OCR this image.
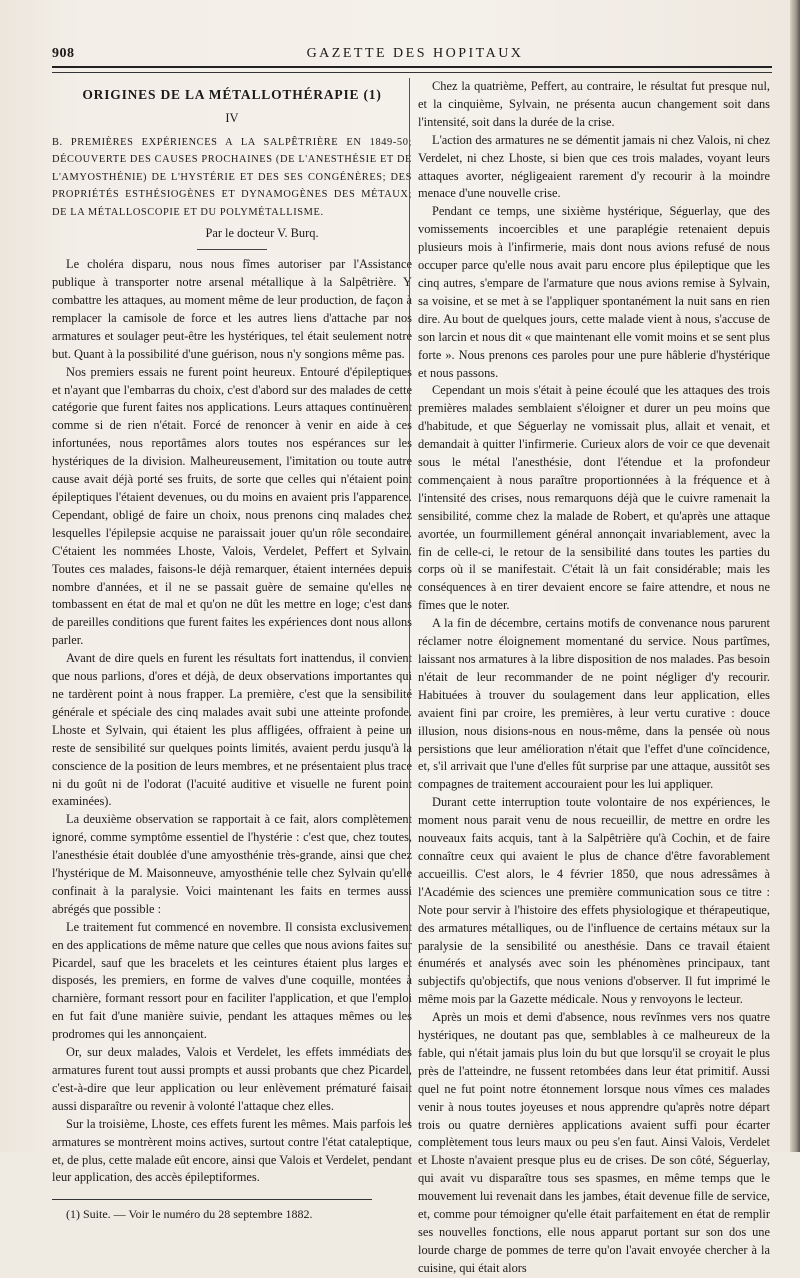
908	GAZETTE DES HOPITAUX
ORIGINES DE LA MÉTALLOTHÉRAPIE (1)
IV

B. PREMIÈRES EXPÉRIENCES A LA SALPÊTRIÈRE EN 1849-50; DÉCOUVERTE DES CAUSES PROCHAINES (DE L'ANESTHÉSIE ET DE L'AMYOSTHÉNIE) DE L'HYSTÉRIE ET DES SES CONGÉNÈRES; DES PROPRIÉTÉS ESTHÉSIOGÈNES ET DYNAMOGÈNES DES MÉTAUX; DE LA MÉTALLOSCOPIE ET DU POLYMÉTALLISME.

Par le docteur V. Burq.

Le choléra disparu, nous nous fîmes autoriser par l'Assistance publique à transporter notre arsenal métallique à la Salpêtrière. Y combattre les attaques, au moment même de leur production, de façon à remplacer la camisole de force et les autres liens d'attache par nos armatures et soulager peut-être les hystériques, tel était seulement notre but. Quant à la possibilité d'une guérison, nous n'y songions même pas.

Nos premiers essais ne furent point heureux. Entouré d'épileptiques et n'ayant que l'embarras du choix, c'est d'abord sur des malades de cette catégorie que furent faites nos applications. Leurs attaques continuèrent comme si de rien n'était. Forcé de renoncer à venir en aide à ces infortunées, nous reportâmes alors toutes nos espérances sur les hystériques de la division. Malheureusement, l'imitation ou toute autre cause avait déjà porté ses fruits, de sorte que celles qui n'étaient point épileptiques l'étaient devenues, ou du moins en avaient pris l'apparence. Cependant, obligé de faire un choix, nous prenons cinq malades chez lesquelles l'épilepsie acquise ne paraissait jouer qu'un rôle secondaire. C'étaient les nommées Lhoste, Valois, Verdelet, Peffert et Sylvain. Toutes ces malades, faisons-le déjà remarquer, étaient internées depuis nombre d'années, et il ne se passait guère de semaine qu'elles ne tombassent en état de mal et qu'on ne dût les mettre en loge; c'est dans de pareilles conditions que furent faites les expériences dont nous allons parler.

Avant de dire quels en furent les résultats fort inattendus, il convient que nous parlions, d'ores et déjà, de deux observations importantes qui ne tardèrent point à nous frapper. La première, c'est que la sensibilité générale et spéciale des cinq malades avait subi une atteinte profonde. Lhoste et Sylvain, qui étaient les plus affligées, offraient à peine un reste de sensibilité sur quelques points limités, avaient perdu jusqu'à la conscience de la position de leurs membres, et ne présentaient plus trace ni du goût ni de l'odorat (l'acuité auditive et visuelle ne furent point examinées).

La deuxième observation se rapportait à ce fait, alors complètement ignoré, comme symptôme essentiel de l'hystérie : c'est que, chez toutes, l'anesthésie était doublée d'une amyosthénie très-grande, ainsi que chez l'hystérique de M. Maisonneuve, amyosthénie telle chez Sylvain qu'elle confinait à la paralysie. Voici maintenant les faits en termes aussi abrégés que possible :

Le traitement fut commencé en novembre. Il consista exclusivement en des applications de même nature que celles que nous avions faites sur Picardel, sauf que les bracelets et les ceintures étaient plus larges et disposés, les premiers, en forme de valves d'une coquille, montées à charnière, formant ressort pour en faciliter l'application, et que l'emploi en fut fait d'une manière suivie, pendant les attaques mêmes ou les prodromes qui les annonçaient.

Or, sur deux malades, Valois et Verdelet, les effets immédiats des armatures furent tout aussi prompts et aussi probants que chez Picardel, c'est-à-dire que leur application ou leur enlèvement prématuré faisait aussi disparaître ou revenir à volonté l'attaque chez elles.

Sur la troisième, Lhoste, ces effets furent les mêmes. Mais parfois les armatures se montrèrent moins actives, surtout contre l'état cataleptique, et, de plus, cette malade eût encore, ainsi que Valois et Verdelet, pendant leur application, des accès épileptiformes.

(1) Suite. — Voir le numéro du 28 septembre 1882.

Chez la quatrième, Peffert, au contraire, le résultat fut presque nul, et la cinquième, Sylvain, ne présenta aucun changement soit dans l'intensité, soit dans la durée de la crise.

L'action des armatures ne se démentit jamais ni chez Valois, ni chez Verdelet, ni chez Lhoste, si bien que ces trois malades, voyant leurs attaques avorter, négligeaient rarement d'y recourir à la moindre menace d'une nouvelle crise.

Pendant ce temps, une sixième hystérique, Séguerlay, que des vomissements incoercibles et une paraplégie retenaient depuis plusieurs mois à l'infirmerie, mais dont nous avions refusé de nous occuper parce qu'elle nous avait paru encore plus épileptique que les cinq autres, s'empare de l'armature que nous avions remise à Sylvain, sa voisine, et se met à se l'appliquer spontanément la nuit sans en rien dire. Au bout de quelques jours, cette malade vient à nous, s'accuse de son larcin et nous dit « que maintenant elle vomit moins et se sent plus forte ». Nous prenons ces paroles pour une pure hâblerie d'hystérique et nous passons.

Cependant un mois s'était à peine écoulé que les attaques des trois premières malades semblaient s'éloigner et durer un peu moins que d'habitude, et que Séguerlay ne vomissait plus, allait et venait, et demandait à quitter l'infirmerie. Curieux alors de voir ce que devenait sous le métal l'anesthésie, dont l'étendue et la profondeur commençaient à nous paraître proportionnées à la fréquence et à l'intensité des crises, nous remarquons déjà que le cuivre ramenait la sensibilité, comme chez la malade de Robert, et qu'après une attaque avortée, un fourmillement général annonçait invariablement, avec la fin de celle-ci, le retour de la sensibilité dans toutes les parties du corps où il se manifestait. C'était là un fait considérable; mais les conséquences à en tirer devaient encore se faire attendre, et nous ne fîmes que le noter.

A la fin de décembre, certains motifs de convenance nous parurent réclamer notre éloignement momentané du service. Nous partîmes, laissant nos armatures à la libre disposition de nos malades. Pas besoin n'était de leur recommander de ne point négliger d'y recourir. Habituées à trouver du soulagement dans leur application, elles avaient fini par croire, les premières, à leur vertu curative : douce illusion, nous disions-nous en nous-même, dans la pensée où nous persistions que leur amélioration n'était que l'effet d'une coïncidence, et, s'il arrivait que l'une d'elles fût surprise par une attaque, aussitôt ses compagnes de traitement accouraient pour les lui appliquer.

Durant cette interruption toute volontaire de nos expériences, le moment nous parait venu de nous recueillir, de mettre en ordre les nouveaux faits acquis, tant à la Salpêtrière qu'à Cochin, et de faire connaître ceux qui avaient le plus de chance d'être favorablement accueillis. C'est alors, le 4 février 1850, que nous adressâmes à l'Académie des sciences une première communication sous ce titre : Note pour servir à l'histoire des effets physiologique et thérapeutique, des armatures métalliques, ou de l'influence de certains métaux sur la paralysie de la sensibilité ou anesthésie. Dans ce travail étaient énumérés et analysés avec soin les phénomènes principaux, tant subjectifs qu'objectifs, que nous venions d'observer. Il fut imprimé le même mois par la Gazette médicale. Nous y renvoyons le lecteur.

Après un mois et demi d'absence, nous revînmes vers nos quatre hystériques, ne doutant pas que, semblables à ce malheureux de la fable, qui n'était jamais plus loin du but que lorsqu'il se croyait le plus près de l'atteindre, ne fussent retombées dans leur état primitif. Aussi quel ne fut point notre étonnement lorsque nous vîmes ces malades venir à nous toutes joyeuses et nous apprendre qu'après notre départ trois ou quatre dernières applications avaient suffi pour écarter complètement tous leurs maux ou peu s'en faut. Ainsi Valois, Verdelet et Lhoste n'avaient presque plus eu de crises. De son côté, Séguerlay, qui avait vu disparaître tous ses spasmes, en même temps que le mouvement lui revenait dans les jambes, était devenue fille de service, et, comme pour témoigner qu'elle était parfaitement en état de remplir ses nouvelles fonctions, elle nous apparut portant sur son dos une lourde charge de pommes de terre qu'on l'avait envoyée chercher à la cuisine, qui était alors
